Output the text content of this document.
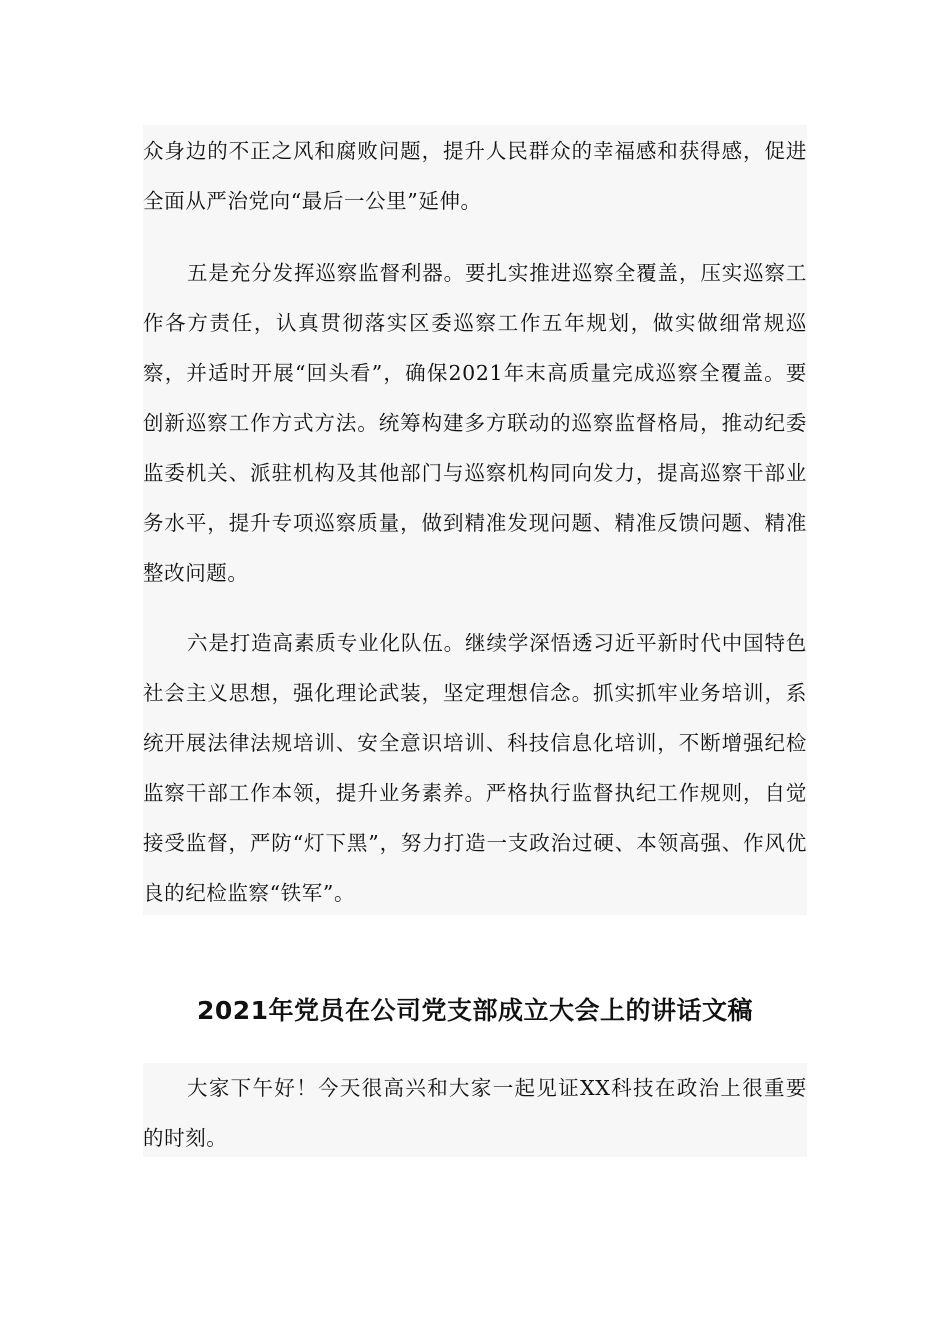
众身边的不正之风和腐败问题，提升人民群众的幸福感和获得感，促进全面从严治党向“最后一公里”延伸。

五是充分发挥巡察监督利器。要扎实推进巡察全覆盖，压实巡察工作各方责任，认真贯彻落实区委巡察工作五年规划，做实做细常规巡察，并适时开展“回头看”，确保2021年末高质量完成巡察全覆盖。要创新巡察工作方式方法。统筹构建多方联动的巡察监督格局，推动纪委监委机关、派驻机构及其他部门与巡察机构同向发力，提高巡察干部业务水平，提升专项巡察质量，做到精准发现问题、精准反馈问题、精准整改问题。

六是打造高素质专业化队伍。继续学深悟透习近平新时代中国特色社会主义思想，强化理论武装，坚定理想信念。抓实抓牢业务培训，系统开展法律法规培训、安全意识培训、科技信息化培训，不断增强纪检监察干部工作本领，提升业务素养。严格执行监督执纪工作规则，自觉接受监督，严防“灯下黑”，努力打造一支政治过硬、本领高强、作风优良的纪检监察“铁军”。

2021年党员在公司党支部成立大会上的讲话文稿

大家下午好！今天很高兴和大家一起见证XX科技在政治上很重要的时刻。
